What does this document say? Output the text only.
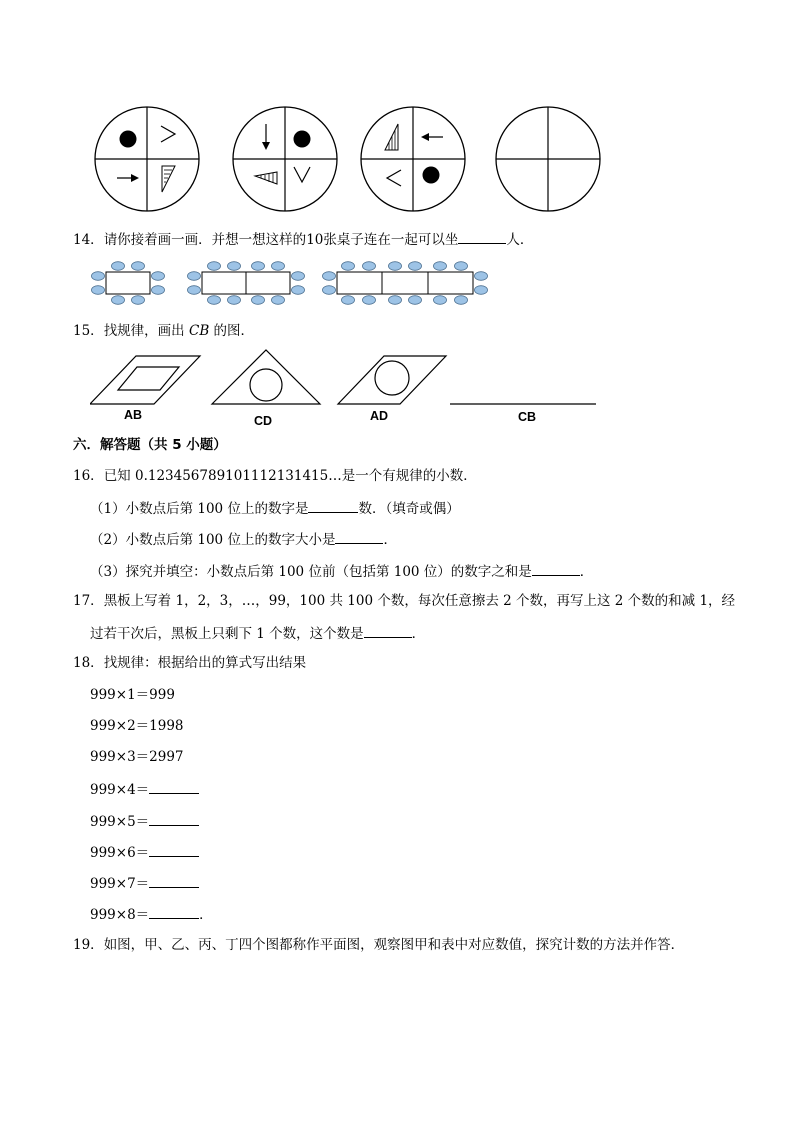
14．请你接着画一画．并想一想这样的10张桌子连在一起可以坐	人．
15．找规律，画出 CB 的图．
AB	CD	AD	CB
六．解答题（共 5 小题）
16．已知 0.123456789101112131415…是一个有规律的小数．
（1）小数点后第 100 位上的数字是	数．（填奇或偶）
（2）小数点后第 100 位上的数字大小是	．
（3）探究并填空：小数点后第 100 位前（包括第 100 位）的数字之和是	．
17．黑板上写着 1，2，3，…，99，100 共 100 个数，每次任意擦去 2 个数，再写上这 2 个数的和减 1，经
过若干次后，黑板上只剩下 1 个数，这个数是	．
18．找规律：根据给出的算式写出结果
999×1＝999
999×2＝1998
999×3＝2997
999×4＝
999×5＝
999×6＝
999×7＝
999×8＝	．
19．如图，甲、乙、丙、丁四个图都称作平面图，观察图甲和表中对应数值，探究计数的方法并作答．
